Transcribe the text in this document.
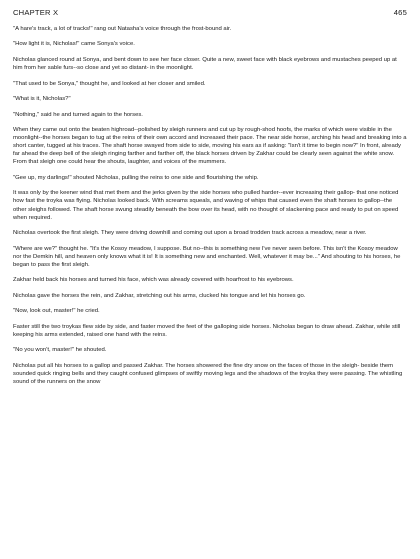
CHAPTER X	465

"A hare's track, a lot of tracks!" rang out Natasha's voice through the frost-bound air.

"How light it is, Nicholas!" came Sonya's voice.

Nicholas glanced round at Sonya, and bent down to see her face closer. Quite a new, sweet face with black eyebrows and mustaches peeped up at him from her sable furs--so close and yet so distant- in the moonlight.

"That used to be Sonya," thought he, and looked at her closer and smiled.

"What is it, Nicholas?"

"Nothing," said he and turned again to the horses.

When they came out onto the beaten highroad--polished by sleigh runners and cut up by rough-shod hoofs, the marks of which were visible in the moonlight--the horses began to tug at the reins of their own accord and increased their pace. The near side horse, arching his head and breaking into a short canter, tugged at his traces. The shaft horse swayed from side to side, moving his ears as if asking: "Isn't it time to begin now?" In front, already far ahead the deep bell of the sleigh ringing farther and farther off, the black horses driven by Zakhar could be clearly seen against the white snow. From that sleigh one could hear the shouts, laughter, and voices of the mummers.

"Gee up, my darlings!" shouted Nicholas, pulling the reins to one side and flourishing the whip.

It was only by the keener wind that met them and the jerks given by the side horses who pulled harder--ever increasing their gallop- that one noticed how fast the troyka was flying. Nicholas looked back. With screams squeals, and waving of whips that caused even the shaft horses to gallop--the other sleighs followed. The shaft horse swung steadily beneath the bow over its head, with no thought of slackening pace and ready to put on speed when required.

Nicholas overtook the first sleigh. They were driving downhill and coming out upon a broad trodden track across a meadow, near a river.

"Where are we?" thought he. "It's the Kosoy meadow, I suppose. But no--this is something new I've never seen before. This isn't the Kosoy meadow nor the Demkin hill, and heaven only knows what it is! It is something new and enchanted. Well, whatever it may be..." And shouting to his horses, he began to pass the first sleigh.

Zakhar held back his horses and turned his face, which was already covered with hoarfrost to his eyebrows.

Nicholas gave the horses the rein, and Zakhar, stretching out his arms, clucked his tongue and let his horses go.

"Now, look out, master!" he cried.

Faster still the two troykas flew side by side, and faster moved the feet of the galloping side horses. Nicholas began to draw ahead. Zakhar, while still keeping his arms extended, raised one hand with the reins.

"No you won't, master!" he shouted.

Nicholas put all his horses to a gallop and passed Zakhar. The horses showered the fine dry snow on the faces of those in the sleigh- beside them sounded quick ringing bells and they caught confused glimpses of swiftly moving legs and the shadows of the troyka they were passing. The whistling sound of the runners on the snow
